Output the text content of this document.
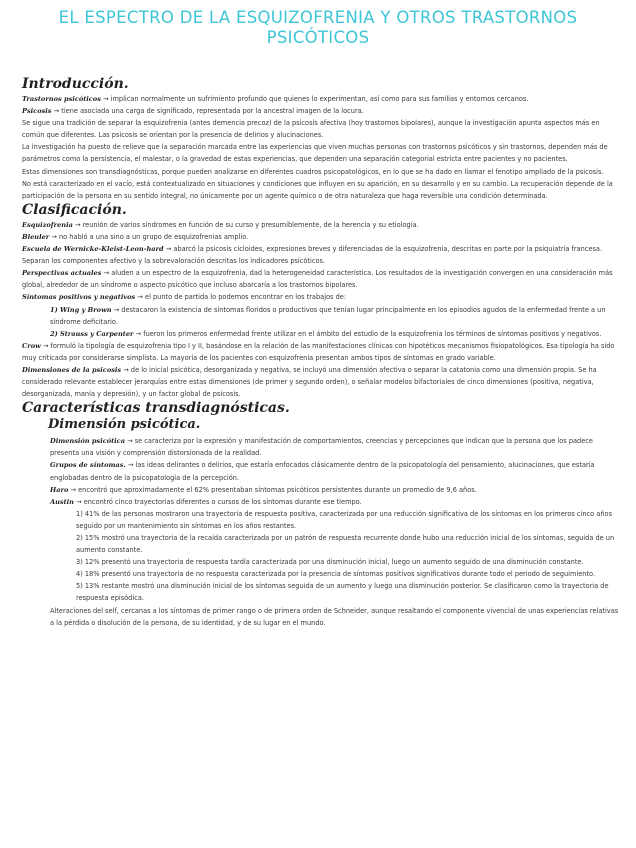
EL ESPECTRO DE LA ESQUIZOFRENIA Y OTROS TRASTORNOS PSICÓTICOS
Introducción.

Trastornos psicóticos → implican normalmente un sufrimiento profundo que quienes lo experimentan, así como para sus familias y entornos cercanos.

Psicosis → tiene asociada una carga de significado, representada por la ancestral imagen de la locura.

Se sigue una tradición de separar la esquizofrenia (antes demencia precoz) de la psicosis afectiva (hoy trastornos bipolares), aunque la investigación apunta aspectos más en común que diferentes. Las psicosis se orientan por la presencia de delirios y alucinaciones.

La investigación ha puesto de relieve que la separación marcada entre las experiencias que viven muchas personas con trastornos psicóticos y sin trastornos, dependen más de parámetros como la persistencia, el malestar, o la gravedad de estas experiencias, que dependen una separación categorial estricta entre pacientes y no pacientes.

Estas dimensiones son transdiagnósticas, porque pueden analizarse en diferentes cuadros psicopatológicos, en lo que se ha dado en llamar el fenotipo ampliado de la psicosis.

No está caracterizado en el vacío, está contextualizado en situaciones y condiciones que influyen en su aparición, en su desarrollo y en su cambio. La recuperación depende de la participación de la persona en su sentido integral, no únicamente por un agente químico o de otra naturaleza que haga reversible una condición determinada.

Clasificación.

Esquizofrenia → reunión de varios síndromes en función de su curso y presumiblemente, de la herencia y su etiología.

Bleuler → no habló a una sino a un grupo de esquizofrenias amplio.

Escuela de Wernicke-Kleist-Leon-hard → abarcó la psicosis cicloides, expresiones breves y diferenciadas de la esquizofrenia, descritas en parte por la psiquiatría francesa. Separan los componentes afectivo y la sobrevaloración descritas los indicadores psicóticos.

Perspectivas actuales → aluden a un espectro de la esquizofrenia, dad la heterogeneidad característica. Los resultados de la investigación convergen en una consideración más global, alrededor de un síndrome o aspecto psicótico que incluso abarcaría a los trastornos bipolares.

Síntomas positivos y negativos → el punto de partida lo podemos encontrar en los trabajos de:

1) Wing y Brown → destacaron la existencia de síntomas floridos o productivos que tenían lugar principalmente en los episodios agudos de la enfermedad frente a un síndrome deficitario.

2) Strauss y Carpenter → fueron los primeros enfermedad frente utilizar en el ámbito del estudio de la esquizofrenia los términos de síntomas positivos y negativos.

Crow → formuló la tipología de esquizofrenia tipo I y II, basándose en la relación de las manifestaciones clínicas con hipotéticos mecanismos fisiopatológicos. Esa tipología ha sido muy criticada por considerarse simplista. La mayoría de los pacientes con esquizofrenia presentan ambos tipos de síntomas en grado variable.

Dimensiones de la psicosis → de lo inicial psicótica, desorganizada y negativa, se incluyó una dimensión afectiva o separar la catatonia como una dimensión propia. Se ha considerado relevante establecer jerarquías entre estas dimensiones (de primer y segundo orden), o señalar modelos bifactoriales de cinco dimensiones (positiva, negativa, desorganizada, manía y depresión), y un factor global de psicosis.

Características transdiagnósticas.
Dimensión psicótica.

Dimensión psicótica → se caracteriza por la expresión y manifestación de comportamientos, creencias y percepciones que indican que la persona que los padece presenta una visión y comprensión distorsionada de la realidad.

Grupos de síntomas. → las ideas delirantes o delirios, que estaría enfocados clásicamente dentro de la psicopatología del pensamiento, alucinaciones, que estaría englobadas dentro de la psicopatología de la percepción.

Haro → encontró que aproximadamente el 62% presentaban síntomas psicóticos persistentes durante un promedio de 9,6 años.

Austin → encontró cinco trayectorias diferentes o cursos de los síntomas durante ese tiempo.

1) 41% de las personas mostraron una trayectoria de respuesta positiva, caracterizada por una reducción significativa de los síntomas en los primeros cinco años seguido por un mantenimiento sin síntomas en los años restantes.

2) 15% mostró una trayectoria de la recaída caracterizada por un patrón de respuesta recurrente donde hubo una reducción inicial de los síntomas, seguida de un aumento constante.

3) 12% presentó una trayectoria de respuesta tardía caracterizada por una disminución inicial, luego un aumento seguido de una disminución constante.

4) 18% presentó una trayectoria de no respuesta caracterizada por la presencia de síntomas positivos significativos durante todo el periodo de seguimiento.

5) 13% restante mostró una disminución inicial de los síntomas seguida de un aumento y luego una disminución posterior. Se clasificaron como la trayectoria de respuesta episódica.

Alteraciones del self, cercanas a los síntomas de primer rango o de primera orden de Schneider, aunque resaltando el componente vivencial de unas experiencias relativas a la pérdida o disolución de la persona, de su identidad, y de su lugar en el mundo.
